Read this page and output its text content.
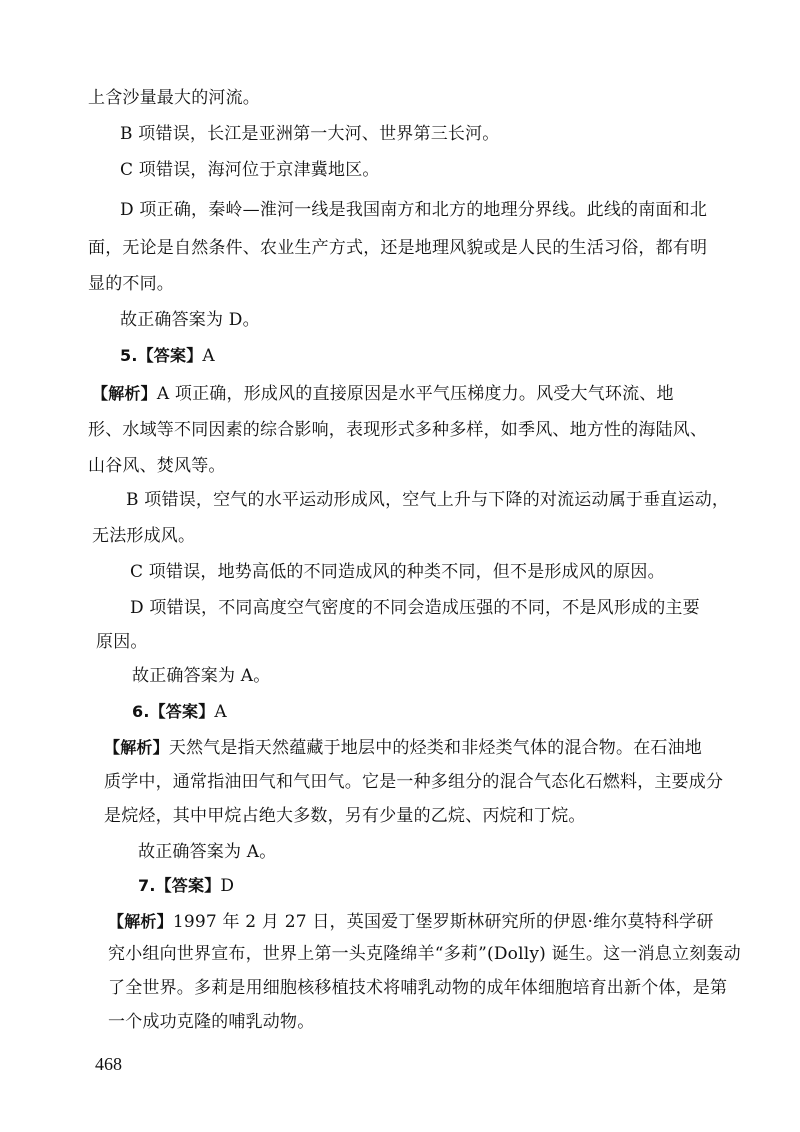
上含沙量最大的河流。
B 项错误，长江是亚洲第一大河、世界第三长河。
C 项错误，海河位于京津冀地区。
D 项正确，秦岭—淮河一线是我国南方和北方的地理分界线。此线的南面和北
面，无论是自然条件、农业生产方式，还是地理风貌或是人民的生活习俗，都有明
显的不同。
故正确答案为 D。
5.【答案】A
【解析】A 项正确，形成风的直接原因是水平气压梯度力。风受大气环流、地
形、水域等不同因素的综合影响，表现形式多种多样，如季风、地方性的海陆风、
山谷风、焚风等。
B 项错误，空气的水平运动形成风，空气上升与下降的对流运动属于垂直运动，
无法形成风。
C 项错误，地势高低的不同造成风的种类不同，但不是形成风的原因。
D 项错误，不同高度空气密度的不同会造成压强的不同，不是风形成的主要
原因。
故正确答案为 A。
6.【答案】A
【解析】天然气是指天然蕴藏于地层中的烃类和非烃类气体的混合物。在石油地
质学中，通常指油田气和气田气。它是一种多组分的混合气态化石燃料，主要成分
是烷烃，其中甲烷占绝大多数，另有少量的乙烷、丙烷和丁烷。
故正确答案为 A。
7.【答案】D
【解析】1997 年 2 月 27 日，英国爱丁堡罗斯林研究所的伊恩·维尔莫特科学研
究小组向世界宣布，世界上第一头克隆绵羊“多莉”(Dolly) 诞生。这一消息立刻轰动
了全世界。多莉是用细胞核移植技术将哺乳动物的成年体细胞培育出新个体，是第
一个成功克隆的哺乳动物。
468
